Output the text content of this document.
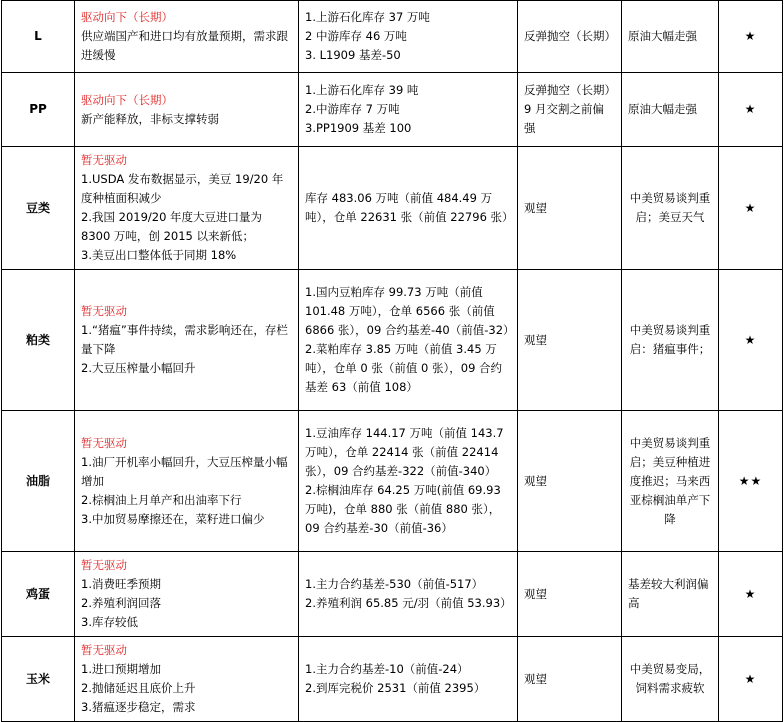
L	驱动向下（长期）
供应端国产和进口均有放量预期，需求跟进缓慢	1.上游石化库存 37 万吨
2 中游库存 46 万吨
3. L1909 基差-50	反弹抛空（长期）	原油大幅走强	★
PP	驱动向下（长期）
新产能释放，非标支撑转弱	1.上游石化库存 39 吨
2.中游库存 7 万吨
3.PP1909 基差 100	反弹抛空（长期）9 月交割之前偏强	原油大幅走强	★
豆类	暂无驱动
1.USDA 发布数据显示，美豆 19/20 年度种植面积减少
2.我国 2019/20 年度大豆进口量为 8300 万吨，创 2015 以来新低；
3.美豆出口整体低于同期 18%	库存 483.06 万吨（前值 484.49 万吨），仓单 22631 张（前值 22796 张）	观望	中美贸易谈判重启；美豆天气	★
粕类	暂无驱动
1.“猪瘟”事件持续，需求影响还在，存栏量下降
2.大豆压榨量小幅回升	1.国内豆粕库存 99.73 万吨（前值 101.48 万吨），仓单 6566 张（前值 6866 张），09 合约基差-40（前值-32）
2.菜粕库存 3.85 万吨（前值 3.45 万吨），仓单 0 张（前值 0 张），09 合约基差 63（前值 108）	观望	中美贸易谈判重启：猪瘟事件；	★
油脂	暂无驱动
1.油厂开机率小幅回升，大豆压榨量小幅增加
2.棕榈油上月单产和出油率下行
3.中加贸易摩擦还在，菜籽进口偏少	1.豆油库存 144.17 万吨（前值 143.7 万吨），仓单 22414 张（前值 22414 张），09 合约基差-322（前值-340）
2.棕榈油库存 64.25 万吨(前值 69.93 万吨)，仓单 880 张（前值 880 张），09 合约基差-30（前值-36）	观望	中美贸易谈判重启；美豆种植进度推迟；马来西亚棕榈油单产下降	★★
鸡蛋	暂无驱动
1.消费旺季预期
2.养殖利润回落
3.库存较低	1.主力合约基差-530（前值-517）
2.养殖利润 65.85 元/羽（前值 53.93）	观望	基差较大利润偏高	★
玉米	暂无驱动
1.进口预期增加
2.抛储延迟且底价上升
3.猪瘟逐步稳定，需求	1.主力合约基差-10（前值-24）
2.到厍完税价 2531（前值 2395）	观望	中美贸易变局，饲料需求疲软	★
